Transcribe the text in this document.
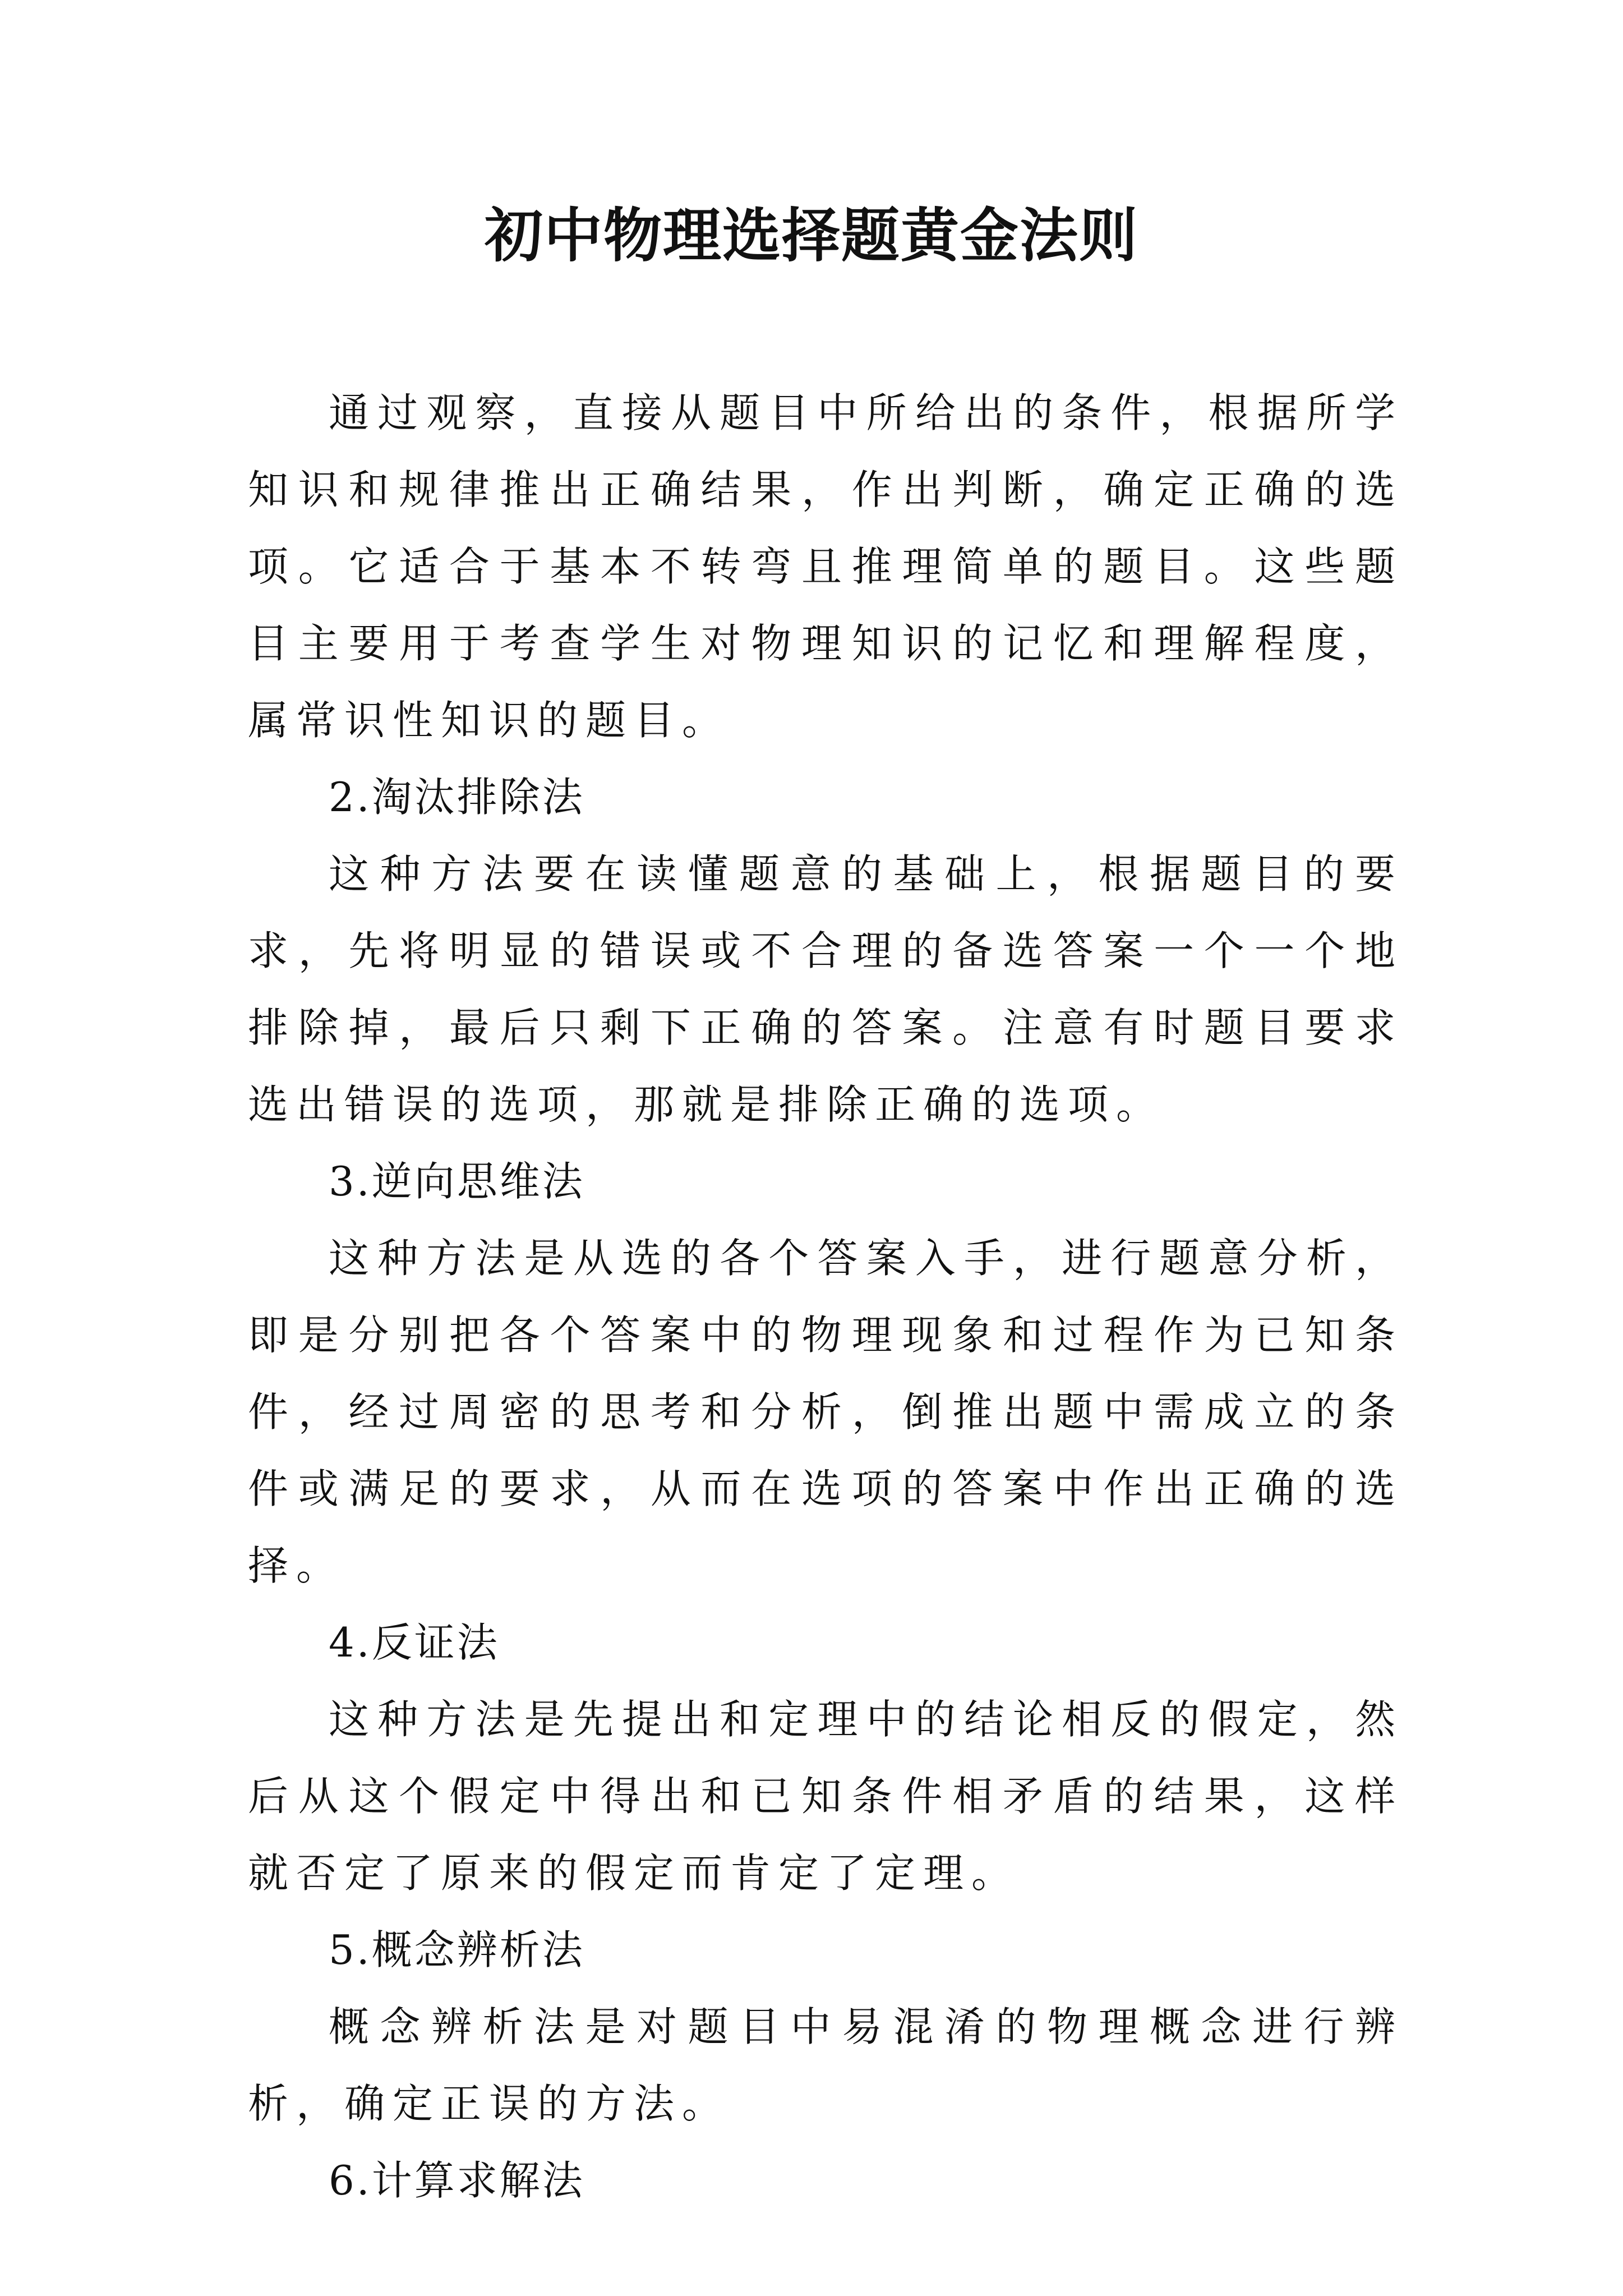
初中物理选择题黄金法则

通过观察，直接从题目中所给出的条件，根据所学知识和规律推出正确结果，作出判断，确定正确的选项。它适合于基本不转弯且推理简单的题目。这些题目主要用于考查学生对物理知识的记忆和理解程度，属常识性知识的题目。

2.淘汰排除法

这种方法要在读懂题意的基础上，根据题目的要求，先将明显的错误或不合理的备选答案一个一个地排除掉，最后只剩下正确的答案。注意有时题目要求选出错误的选项，那就是排除正确的选项。

3.逆向思维法

这种方法是从选的各个答案入手，进行题意分析，即是分别把各个答案中的物理现象和过程作为已知条件，经过周密的思考和分析，倒推出题中需成立的条件或满足的要求，从而在选项的答案中作出正确的选择。

4.反证法

这种方法是先提出和定理中的结论相反的假定，然后从这个假定中得出和已知条件相矛盾的结果，这样就否定了原来的假定而肯定了定理。

5.概念辨析法

概念辨析法是对题目中易混淆的物理概念进行辨析，确定正误的方法。

6.计算求解法
